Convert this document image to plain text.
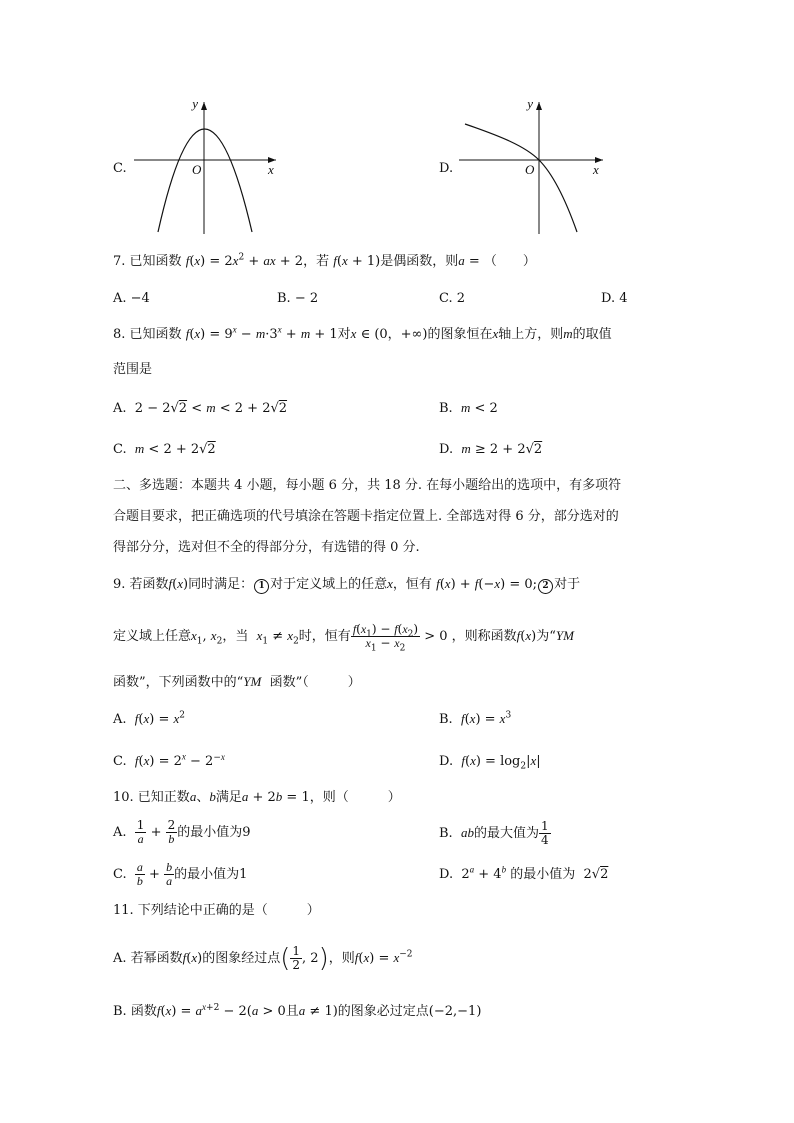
C.
y
x
O	D.
y
x
O
7. 已知函数 $f(x) = 2x^2$ + ax + 2，若 f(x + 1)是偶函数，则a = （　　）
A. −4	B. − 2	C. 2	D. 4
8. 已知函数 $f(x) = 9^x - m\cdot 3^x + m + 1$对x ∈ (0，+∞)的图象恒在x轴上方，则m的取值
范围是
A.  2 − 2√2 < m < 2 + 2√2	B. m < 2
C. m < 2 + 2√2	D. m ≥ 2 + 2√2
二、多选题：本题共 4 小题，每小题 6 分，共 18 分. 在每小题给出的选项中，有多项符
合题目要求，把正确选项的代号填涂在答题卡指定位置上. 全部选对得 6 分，部分选对的
得部分分，选对但不全的得部分分，有选错的得 0 分.
9. 若函数f(x)同时满足： 1 对于定义域上的任意x，恒有 f(x) + f(−x) = 0; 2 对于
定义域上任意$x_1$, $x_2$，当 $x_1 \ne x_2$时，恒有 $\frac{f(x_1) - f(x_2)}{x_1 - x_2} > 0$ ，则称函数f(x)为“YM
函数”，下列函数中的“YM 函数”（　　　）
A. $f(x) = x^2$	B. $f(x) = x^3$
C. $f(x) = 2^x - 2^{-x}$	D. $f(x) = \log_2|x|$
10. 已知正数a、b满足a + 2b = 1，则（　　　）
A. $\frac{1}{a} + \frac{2}{b}$ 的最小值为9	B. ab的最大值为 $\frac{1}{4}$
C. $\frac{a}{b} + \frac{b}{a}$ 的最小值为1	D.  $2^a + 4^b$ 的最小值为  2√2
11. 下列结论中正确的是（　　　）
A. 若幂函数f(x)的图象经过点( $\frac{1}{2}$ , 2)，则$f(x) = x^{-2}$
B. 函数$f(x) = a^{x+2} - 2(a > 0$且a ≠ 1)的图象必过定点(−2,−1)
